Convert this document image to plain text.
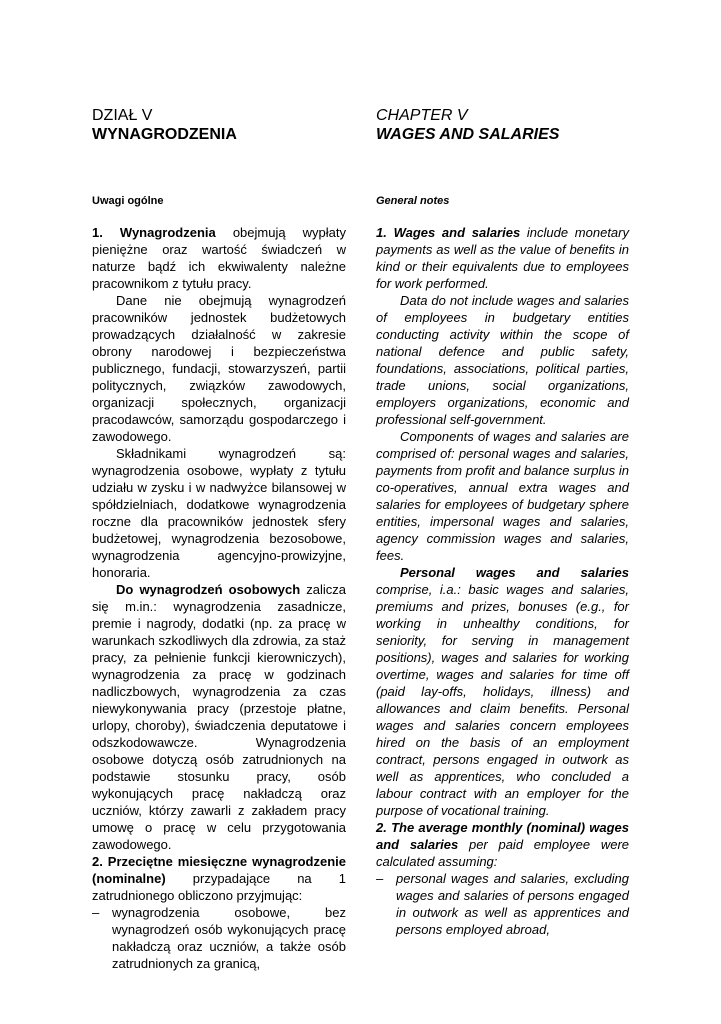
DZIAŁ V
WYNAGRODZENIA
Uwagi ogólne

1. Wynagrodzenia obejmują wypłaty pieniężne oraz wartość świadczeń w naturze bądź ich ekwiwalenty należne pracownikom z tytułu pracy.

Dane nie obejmują wynagrodzeń pracowników jednostek budżetowych prowadzących działalność w zakresie obrony narodowej i bezpieczeństwa publicznego, fundacji, stowarzyszeń, partii politycznych, związków zawodowych, organizacji społecznych, organizacji pracodawców, samorządu gospodarczego i zawodowego.

Składnikami wynagrodzeń są: wynagrodzenia osobowe, wypłaty z tytułu udziału w zysku i w nadwyżce bilansowej w spółdzielniach, dodatkowe wynagrodzenia roczne dla pracowników jednostek sfery budżetowej, wynagrodzenia bezosobowe, wynagrodzenia agencyjno-prowizyjne, honoraria.

Do wynagrodzeń osobowych zalicza się m.in.: wynagrodzenia zasadnicze, premie i nagrody, dodatki (np. za pracę w warunkach szkodliwych dla zdrowia, za staż pracy, za pełnienie funkcji kierowniczych), wynagrodzenia za pracę w godzinach nadliczbowych, wynagrodzenia za czas niewykonywania pracy (przestoje płatne, urlopy, choroby), świadczenia deputatowe i odszkodowawcze. Wynagrodzenia osobowe dotyczą osób zatrudnionych na podstawie stosunku pracy, osób wykonujących pracę nakładczą oraz uczniów, którzy zawarli z zakładem pracy umowę o pracę w celu przygotowania zawodowego.

2. Przeciętne miesięczne wynagrodzenie (nominalne) przypadające na 1 zatrudnionego obliczono przyjmując:

– wynagrodzenia osobowe, bez wynagrodzeń osób wykonujących pracę nakładczą oraz uczniów, a także osób zatrudnionych za granicą,
CHAPTER V
WAGES AND SALARIES
General notes

1. Wages and salaries include monetary payments as well as the value of benefits in kind or their equivalents due to employees for work performed.

Data do not include wages and salaries of employees in budgetary entities conducting activity within the scope of national defence and public safety, foundations, associations, political parties, trade unions, social organizations, employers organizations, economic and professional self-government.

Components of wages and salaries are comprised of: personal wages and salaries, payments from profit and balance surplus in co-operatives, annual extra wages and salaries for employees of budgetary sphere entities, impersonal wages and salaries, agency commission wages and salaries, fees.

Personal wages and salaries comprise, i.a.: basic wages and salaries, premiums and prizes, bonuses (e.g., for working in unhealthy conditions, for seniority, for serving in management positions), wages and salaries for working overtime, wages and salaries for time off (paid lay-offs, holidays, illness) and allowances and claim benefits. Personal wages and salaries concern employees hired on the basis of an employment contract, persons engaged in outwork as well as apprentices, who concluded a labour contract with an employer for the purpose of vocational training.

2. The average monthly (nominal) wages and salaries per paid employee were calculated assuming:

– personal wages and salaries, excluding wages and salaries of persons engaged in outwork as well as apprentices and persons employed abroad,
